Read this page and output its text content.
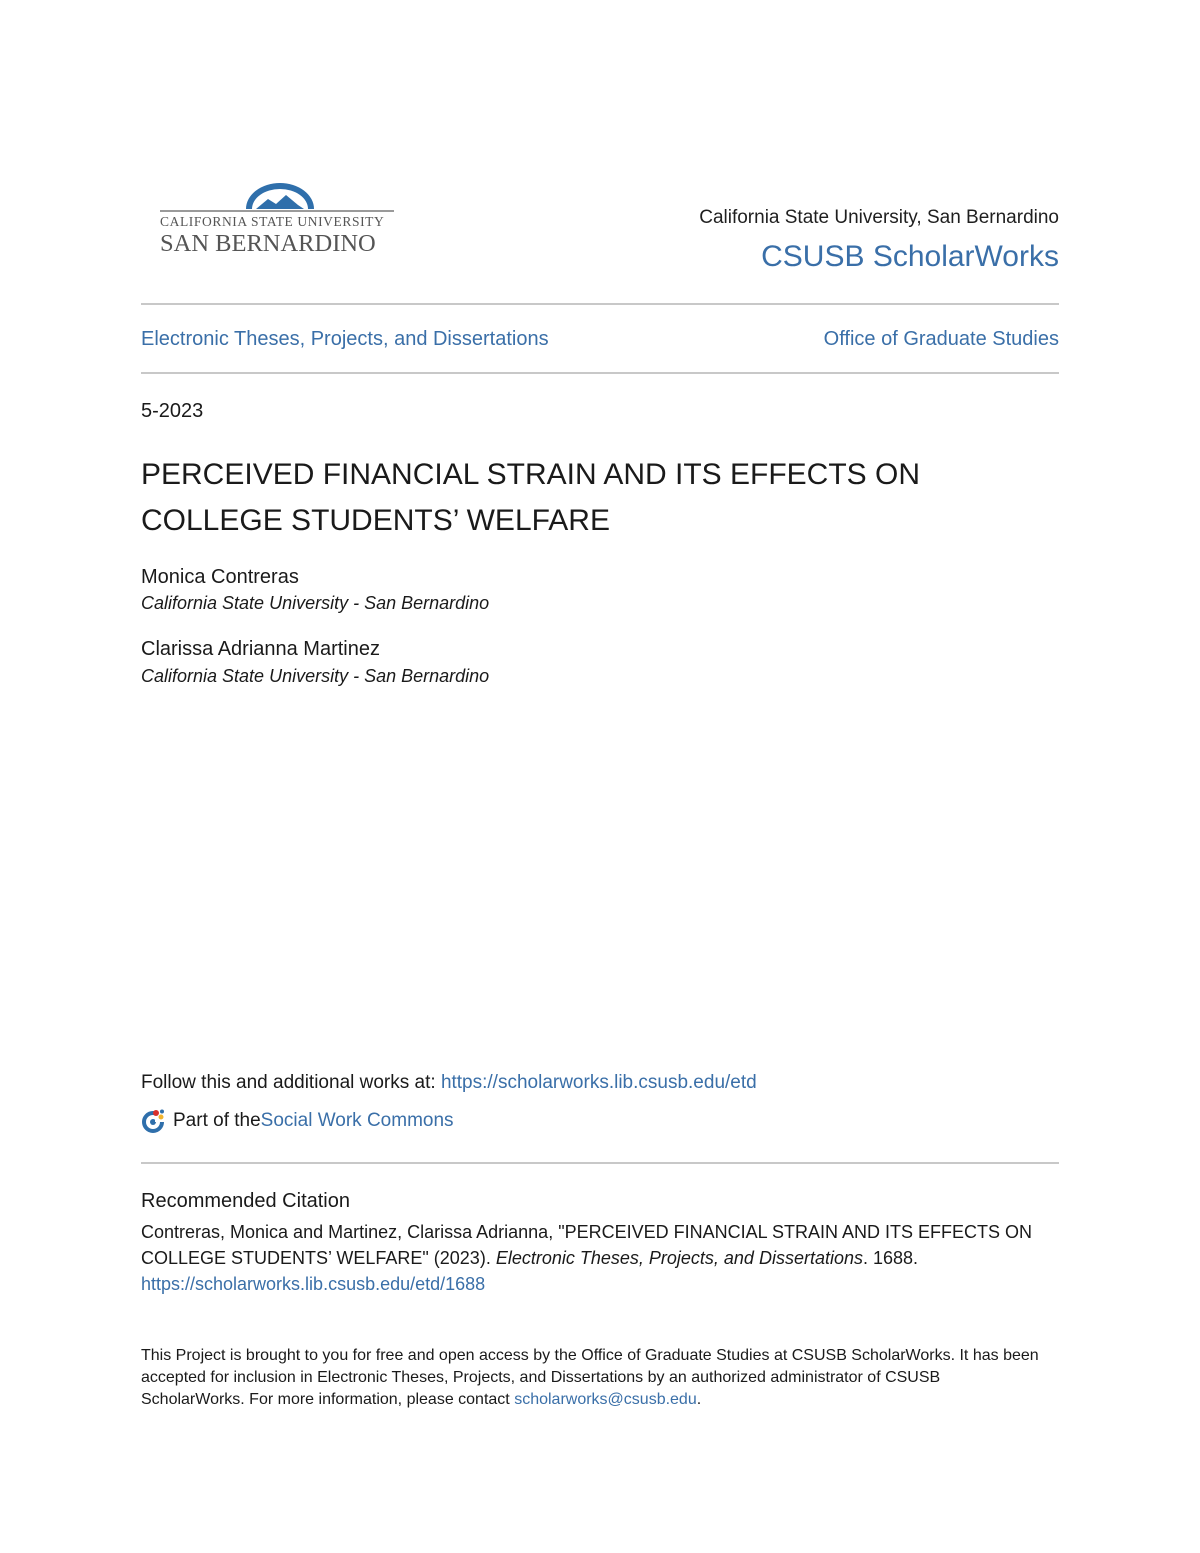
CALIFORNIA STATE UNIVERSITY
SAN BERNARDINO
California State University, San Bernardino
CSUSB ScholarWorks
Electronic Theses, Projects, and Dissertations	Office of Graduate Studies
5-2023
PERCEIVED FINANCIAL STRAIN AND ITS EFFECTS ON COLLEGE STUDENTS’ WELFARE
Monica Contreras
California State University - San Bernardino
Clarissa Adrianna Martinez
California State University - San Bernardino
Follow this and additional works at: https://scholarworks.lib.csusb.edu/etd
Part of the Social Work Commons
Recommended Citation
Contreras, Monica and Martinez, Clarissa Adrianna, "PERCEIVED FINANCIAL STRAIN AND ITS EFFECTS ON COLLEGE STUDENTS’ WELFARE" (2023). Electronic Theses, Projects, and Dissertations. 1688.
https://scholarworks.lib.csusb.edu/etd/1688
This Project is brought to you for free and open access by the Office of Graduate Studies at CSUSB ScholarWorks. It has been accepted for inclusion in Electronic Theses, Projects, and Dissertations by an authorized administrator of CSUSB ScholarWorks. For more information, please contact scholarworks@csusb.edu.
